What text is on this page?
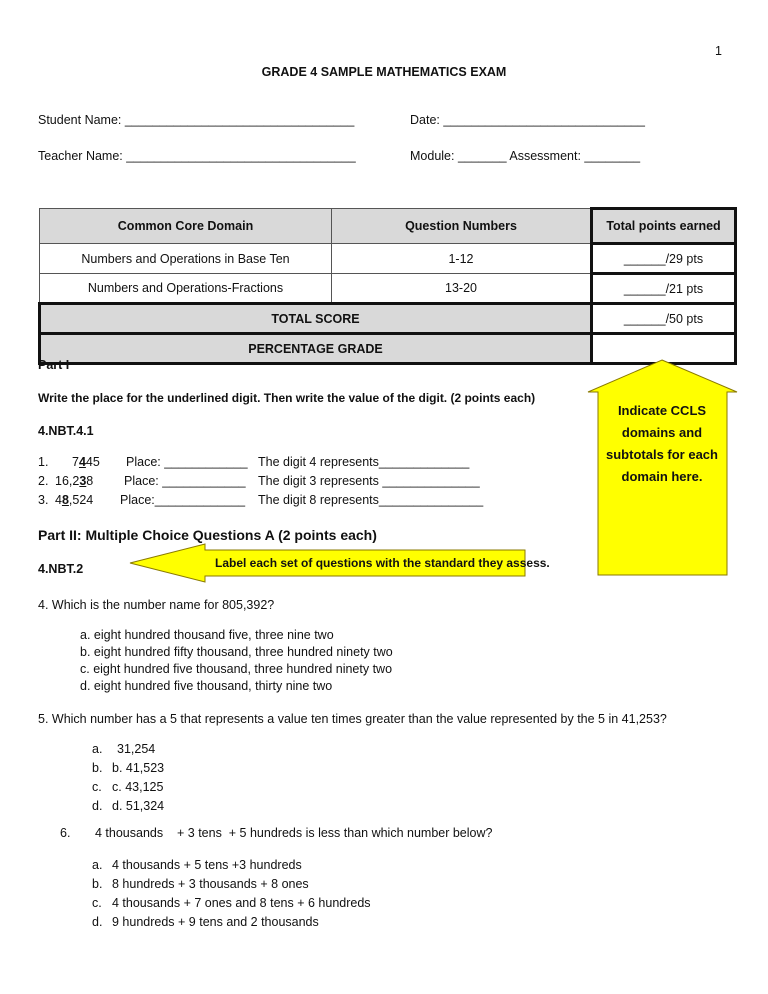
1
GRADE 4 SAMPLE MATHEMATICS EXAM
Student Name: _________________________________	Date: _____________________________
Teacher Name: _________________________________	Module: _______ Assessment: ________
Common Core Domain	Question Numbers	Total points earned
Numbers and Operations in Base Ten	1-12	______/29 pts
Numbers and Operations-Fractions	13-20	______/21 pts
TOTAL SCORE		______/50 pts
PERCENTAGE GRADE		
Part I
Write the place for the underlined digit. Then write the value of the digit. (2 points each)
4.NBT.4.1
1. 7445 Place: ____________ The digit 4 represents_____________
2. 16,238 Place: ____________ The digit 3 represents ______________
3. 48,524 Place:_____________ The digit 8 represents_______________
Part II: Multiple Choice Questions A (2 points each)
4.NBT.2
Indicate CCLS domains and subtotals for each domain here.
Label each set of questions with the standard they assess.
4. Which is the number name for 805,392?
a. eight hundred thousand five, three nine two
b. eight hundred fifty thousand, three hundred ninety two
c. eight hundred five thousand, three hundred ninety two
d. eight hundred five thousand, thirty nine two
5. Which number has a 5 that represents a value ten times greater than the value represented by the 5 in 41,253?
a. 31,254
b. b. 41,523
c. c. 43,125
d. d. 51,324
6. 4 thousands    + 3 tens  + 5 hundreds is less than which number below?
a. 4 thousands + 5 tens +3 hundreds
b. 8 hundreds + 3 thousands + 8 ones
c. 4 thousands + 7 ones and 8 tens + 6 hundreds
d. 9 hundreds + 9 tens and 2 thousands
